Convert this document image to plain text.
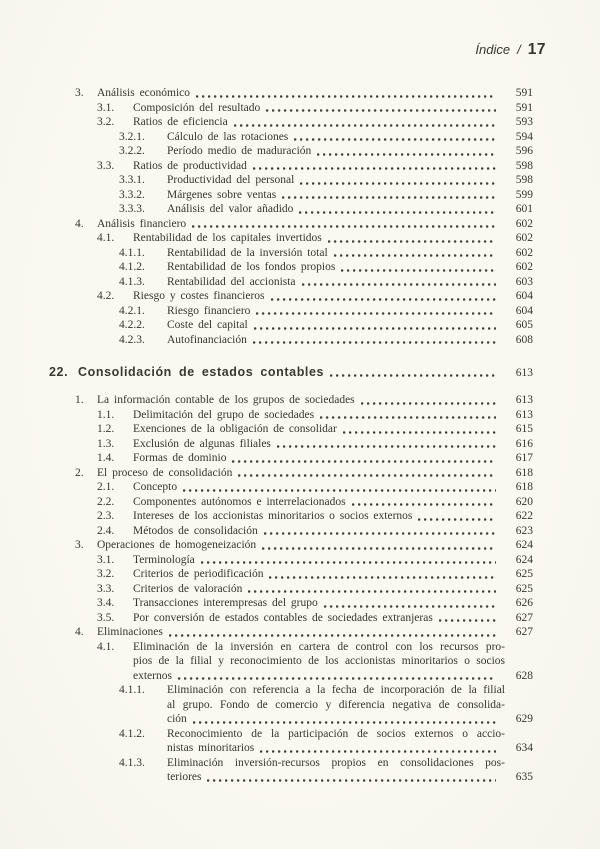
Índice / 17
3.	Análisis económico	591
3.1.	Composición del resultado	591
3.2.	Ratios de eficiencia	593
3.2.1.	Cálculo de las rotaciones	594
3.2.2.	Período medio de maduración	596
3.3.	Ratios de productividad	598
3.3.1.	Productividad del personal	598
3.3.2.	Márgenes sobre ventas	599
3.3.3.	Análisis del valor añadido	601
4.	Análisis financiero	602
4.1.	Rentabilidad de los capitales invertidos	602
4.1.1.	Rentabilidad de la inversión total	602
4.1.2.	Rentabilidad de los fondos propios	602
4.1.3.	Rentabilidad del accionista	603
4.2.	Riesgo y costes financieros	604
4.2.1.	Riesgo financiero	604
4.2.2.	Coste del capital	605
4.2.3.	Autofinanciación	608
22. Consolidación de estados contables	613
1.	La información contable de los grupos de sociedades	613
1.1.	Delimitación del grupo de sociedades	613
1.2.	Exenciones de la obligación de consolidar	615
1.3.	Exclusión de algunas filiales	616
1.4.	Formas de dominio	617
2.	El proceso de consolidación	618
2.1.	Concepto	618
2.2.	Componentes autónomos e interrelacionados	620
2.3.	Intereses de los accionistas minoritarios o socios externos	622
2.4.	Métodos de consolidación	623
3.	Operaciones de homogeneización	624
3.1.	Terminología	624
3.2.	Criterios de periodificación	625
3.3.	Criterios de valoración	625
3.4.	Transacciones interempresas del grupo	626
3.5.	Por conversión de estados contables de sociedades extranjeras	627
4.	Eliminaciones	627
4.1.	Eliminación de la inversión en cartera de control con los recursos pro-
pios de la filial y reconocimiento de los accionistas minoritarios o socios
externos	628
4.1.1.	Eliminación con referencia a la fecha de incorporación de la filial
al grupo. Fondo de comercio y diferencia negativa de consolida-
ción	629
4.1.2.	Reconocimiento de la participación de socios externos o accio-
nistas minoritarios	634
4.1.3.	Eliminación inversión-recursos propios en consolidaciones pos-
teriores	635
